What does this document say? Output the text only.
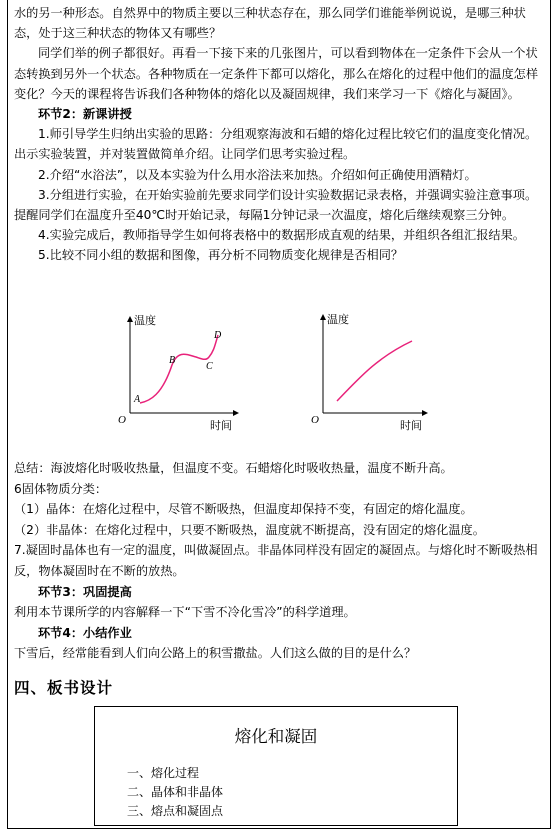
水的另一种形态。自然界中的物质主要以三种状态存在，那么同学们谁能举例说说，是哪三种状态，处于这三种状态的物体又有哪些？

同学们举的例子都很好。再看一下接下来的几张图片，可以看到物体在一定条件下会从一个状态转换到另外一个状态。各种物质在一定条件下都可以熔化，那么在熔化的过程中他们的温度怎样变化？今天的课程将告诉我们各种物体的熔化以及凝固规律，我们来学习一下《熔化与凝固》。

环节2：新课讲授

1.师引导学生归纳出实验的思路：分组观察海波和石蜡的熔化过程比较它们的温度变化情况。出示实验装置，并对装置做简单介绍。让同学们思考实验过程。

2.介绍“水浴法”，以及本实验为什么用水浴法来加热。介绍如何正确使用酒精灯。

3.分组进行实验，在开始实验前先要求同学们设计实验数据记录表格，并强调实验注意事项。提醒同学们在温度升至40℃时开始记录，每隔1分钟记录一次温度，熔化后继续观察三分钟。

4.实验完成后，教师指导学生如何将表格中的数据形成直观的结果，并组织各组汇报结果。

5.比较不同小组的数据和图像，再分析不同物质变化规律是否相同？

温度
时间
O
A
B
C
D
温度
时间
O

总结：海波熔化时吸收热量，但温度不变。石蜡熔化时吸收热量，温度不断升高。

6固体物质分类：

（1）晶体：在熔化过程中，尽管不断吸热，但温度却保持不变，有固定的熔化温度。

（2）非晶体：在熔化过程中，只要不断吸热，温度就不断提高，没有固定的熔化温度。

7.凝固时晶体也有一定的温度，叫做凝固点。非晶体同样没有固定的凝固点。与熔化时不断吸热相反，物体凝固时在不断的放热。

环节3：巩固提高

利用本节课所学的内容解释一下“下雪不冷化雪冷”的科学道理。

环节4：小结作业

下雪后，经常能看到人们向公路上的积雪撒盐。人们这么做的目的是什么？

四、板书设计
熔化和凝固
一、熔化过程
二、晶体和非晶体
三、熔点和凝固点
